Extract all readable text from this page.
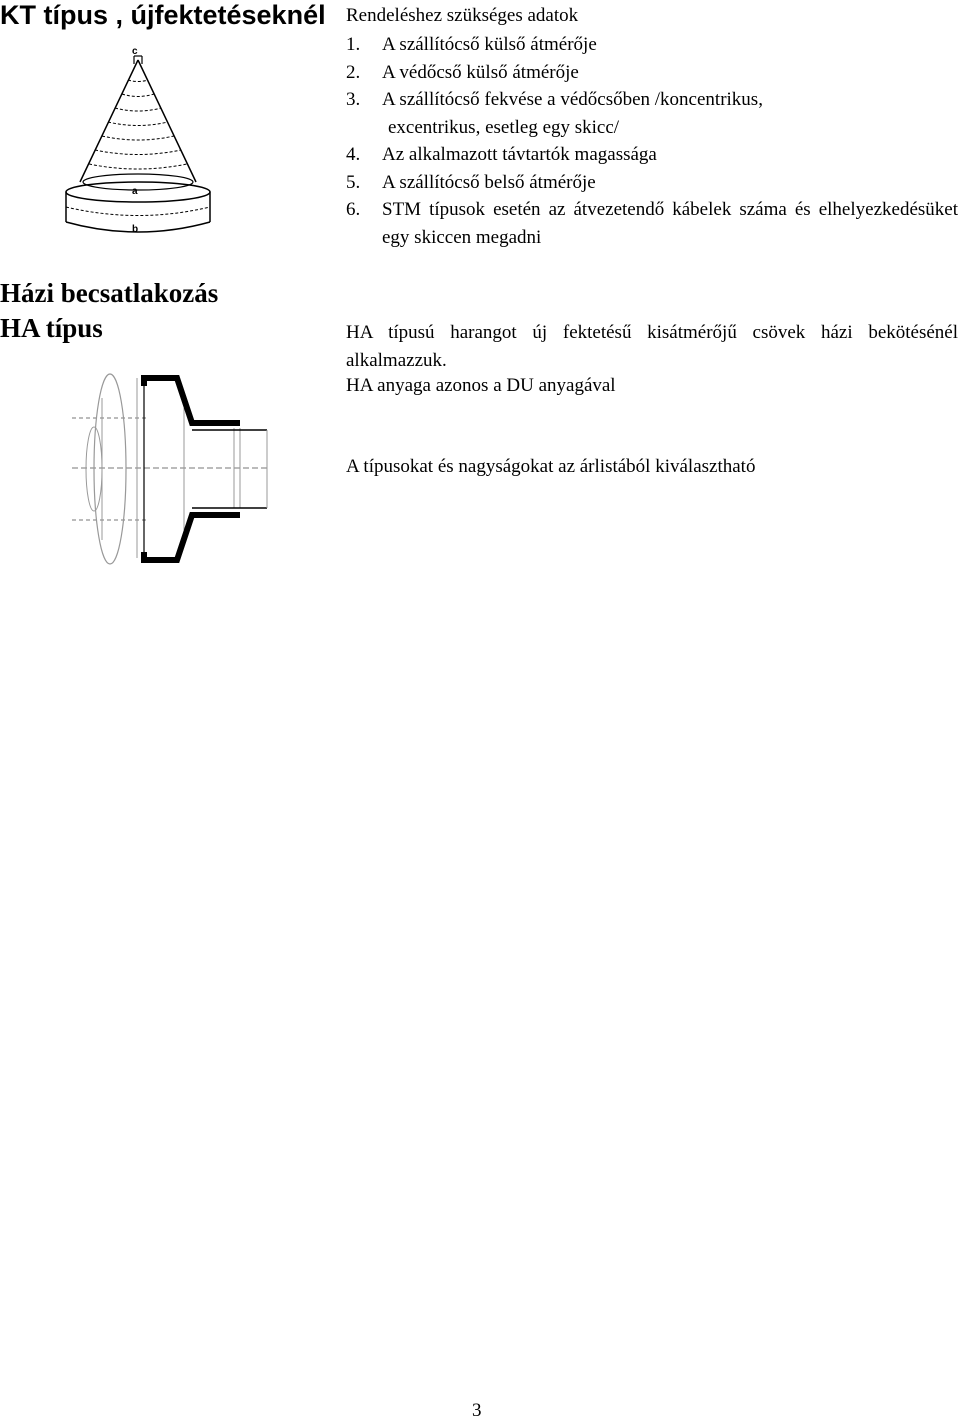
KT típus , újfektetéseknél
c
a
b
Rendeléshez szükséges adatok
1. A szállítócső külső átmérője
2. A védőcső külső átmérője
3. A szállítócső fekvése a védőcsőben /koncentrikus,
excentrikus, esetleg egy skicc/
4. Az alkalmazott távtartók magassága
5. A szállítócső belső átmérője
6. STM típusok esetén az átvezetendő kábelek száma és elhelyezkedésüket egy skiccen megadni
Házi becsatlakozás
HA típus	HA típusú harangot új fektetésű kisátmérőjű csövek házi bekötésénél alkalmazzuk.
HA anyaga azonos a DU anyagával
A típusokat és nagyságokat az árlistából kiválasztható
3
